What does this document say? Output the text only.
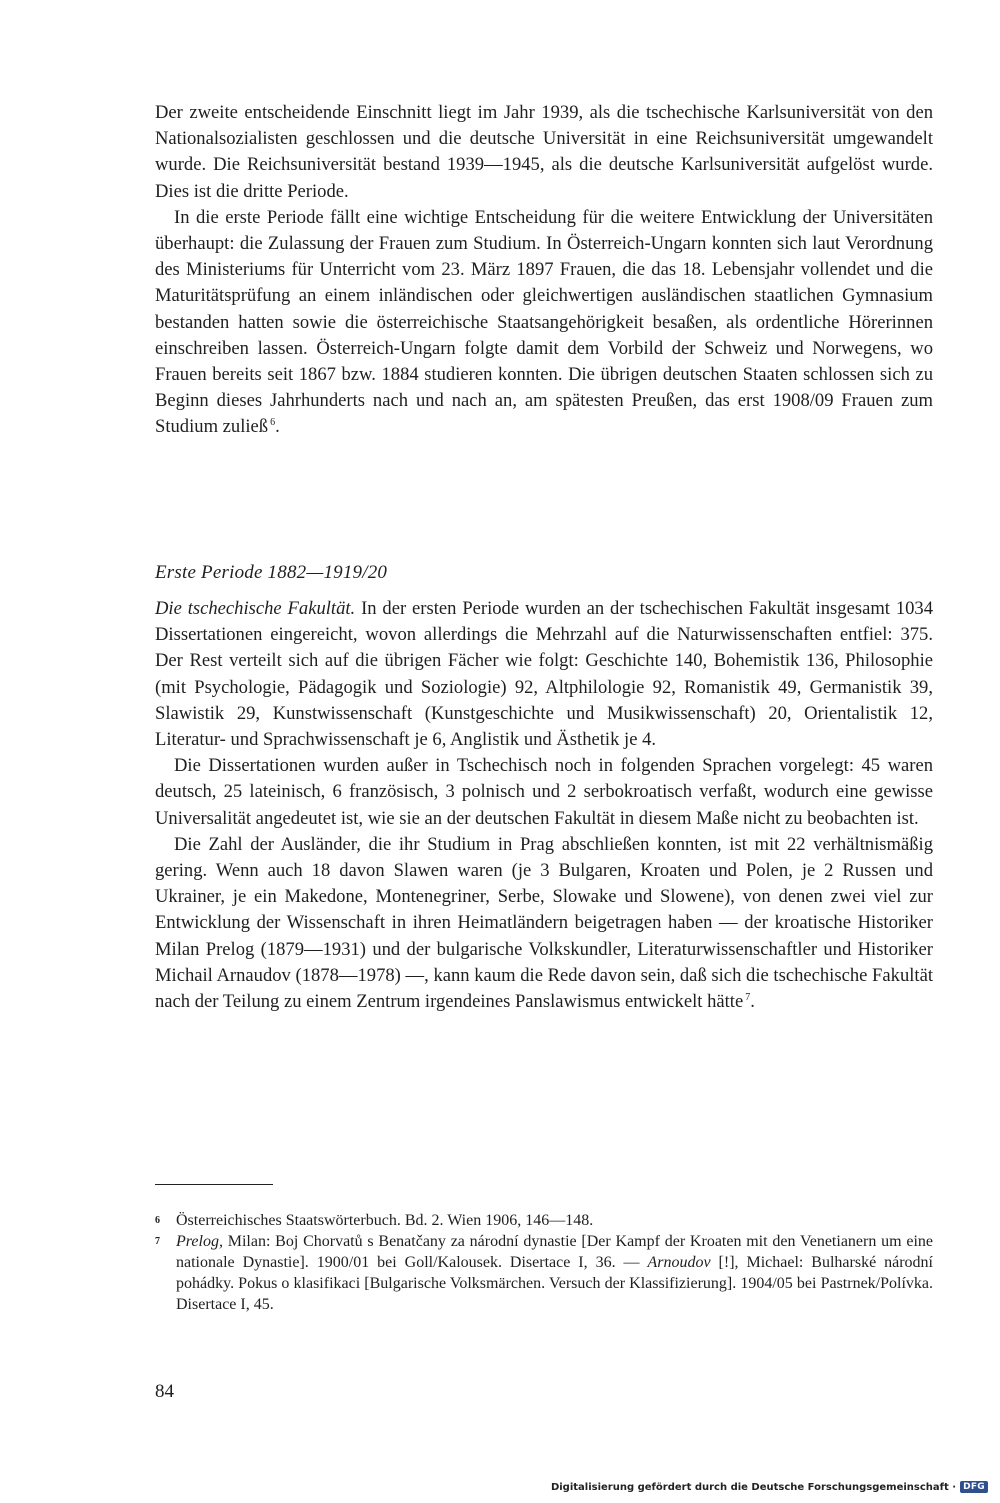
Der zweite entscheidende Einschnitt liegt im Jahr 1939, als die tschechische Karlsuniversität von den Nationalsozialisten geschlossen und die deutsche Universität in eine Reichsuniversität umgewandelt wurde. Die Reichsuniversität bestand 1939—1945, als die deutsche Karlsuniversität aufgelöst wurde. Dies ist die dritte Periode.

In die erste Periode fällt eine wichtige Entscheidung für die weitere Entwicklung der Universitäten überhaupt: die Zulassung der Frauen zum Studium. In Österreich-Ungarn konnten sich laut Verordnung des Ministeriums für Unterricht vom 23. März 1897 Frauen, die das 18. Lebensjahr vollendet und die Maturitätsprüfung an einem inländischen oder gleichwertigen ausländischen staatlichen Gymnasium bestanden hatten sowie die österreichische Staatsangehörigkeit besaßen, als ordentliche Hörerinnen einschreiben lassen. Österreich-Ungarn folgte damit dem Vorbild der Schweiz und Norwegens, wo Frauen bereits seit 1867 bzw. 1884 studieren konnten. Die übrigen deutschen Staaten schlossen sich zu Beginn dieses Jahrhunderts nach und nach an, am spätesten Preußen, das erst 1908/09 Frauen zum Studium zuließ $^6$.

Erste Periode 1882—1919/20

Die tschechische Fakultät. In der ersten Periode wurden an der tschechischen Fakultät insgesamt 1034 Dissertationen eingereicht, wovon allerdings die Mehrzahl auf die Naturwissenschaften entfiel: 375. Der Rest verteilt sich auf die übrigen Fächer wie folgt: Geschichte 140, Bohemistik 136, Philosophie (mit Psychologie, Pädagogik und Soziologie) 92, Altphilologie 92, Romanistik 49, Germanistik 39, Slawistik 29, Kunstwissenschaft (Kunstgeschichte und Musikwissenschaft) 20, Orientalistik 12, Literatur- und Sprachwissenschaft je 6, Anglistik und Ästhetik je 4.

Die Dissertationen wurden außer in Tschechisch noch in folgenden Sprachen vorgelegt: 45 waren deutsch, 25 lateinisch, 6 französisch, 3 polnisch und 2 serbokroatisch verfaßt, wodurch eine gewisse Universalität angedeutet ist, wie sie an der deutschen Fakultät in diesem Maße nicht zu beobachten ist.

Die Zahl der Ausländer, die ihr Studium in Prag abschließen konnten, ist mit 22 verhältnismäßig gering. Wenn auch 18 davon Slawen waren (je 3 Bulgaren, Kroaten und Polen, je 2 Russen und Ukrainer, je ein Makedone, Montenegriner, Serbe, Slowake und Slowene), von denen zwei viel zur Entwicklung der Wissenschaft in ihren Heimatländern beigetragen haben — der kroatische Historiker Milan Prelog (1879—1931) und der bulgarische Volkskundler, Literaturwissenschaftler und Historiker Michail Arnaudov (1878—1978) —, kann kaum die Rede davon sein, daß sich die tschechische Fakultät nach der Teilung zu einem Zentrum irgendeines Panslawismus entwickelt hätte $^7$.

6 Österreichisches Staatswörterbuch. Bd. 2. Wien 1906, 146—148.

7 Prelog, Milan: Boj Chorvatů s Benatčany za národní dynastie [Der Kampf der Kroaten mit den Venetianern um eine nationale Dynastie]. 1900/01 bei Goll/Kalousek. Disertace I, 36. — Arnoudov [!], Michael: Bulharské národní pohádky. Pokus o klasifikaci [Bulgarische Volksmärchen. Versuch der Klassifizierung]. 1904/05 bei Pastrnek/Polívka. Disertace I, 45.

84

Digitalisierung gefördert durch die Deutsche Forschungsgemeinschaft · DFG
